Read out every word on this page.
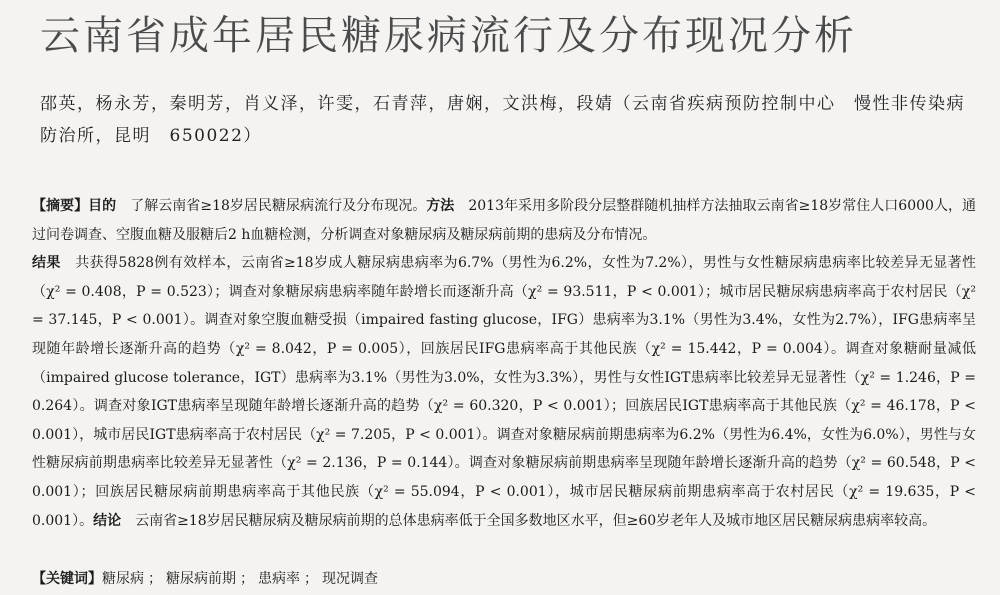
云南省成年居民糖尿病流行及分布现况分析
邵英，杨永芳，秦明芳，肖义泽，许雯，石青萍，唐娴，文洪梅，段婧（云南省疾病预防控制中心　慢性非传染病防治所，昆明　650022）
【摘要】目的　了解云南省≥18岁居民糖尿病流行及分布现况。方法　2013年采用多阶段分层整群随机抽样方法抽取云南省≥18岁常住人口6000人，通过问卷调查、空腹血糖及服糖后2 h血糖检测，分析调查对象糖尿病及糖尿病前期的患病及分布情况。
结果　共获得5828例有效样本，云南省≥18岁成人糖尿病患病率为6.7%（男性为6.2%，女性为7.2%），男性与女性糖尿病患病率比较差异无显著性（χ² = 0.408，P = 0.523）；调查对象糖尿病患病率随年龄增长而逐渐升高（χ² = 93.511，P < 0.001）；城市居民糖尿病患病率高于农村居民（χ² = 37.145，P < 0.001）。调查对象空腹血糖受损（impaired fasting glucose，IFG）患病率为3.1%（男性为3.4%，女性为2.7%），IFG患病率呈现随年龄增长逐渐升高的趋势（χ² = 8.042，P = 0.005），回族居民IFG患病率高于其他民族（χ² = 15.442，P = 0.004）。调查对象糖耐量减低（impaired glucose tolerance，IGT）患病率为3.1%（男性为3.0%，女性为3.3%），男性与女性IGT患病率比较差异无显著性（χ² = 1.246，P = 0.264）。调查对象IGT患病率呈现随年龄增长逐渐升高的趋势（χ² = 60.320，P < 0.001）；回族居民IGT患病率高于其他民族（χ² = 46.178，P < 0.001），城市居民IGT患病率高于农村居民（χ² = 7.205，P < 0.001）。调查对象糖尿病前期患病率为6.2%（男性为6.4%，女性为6.0%），男性与女性糖尿病前期患病率比较差异无显著性（χ² = 2.136，P = 0.144）。调查对象糖尿病前期患病率呈现随年龄增长逐渐升高的趋势（χ² = 60.548，P < 0.001）；回族居民糖尿病前期患病率高于其他民族（χ² = 55.094，P < 0.001），城市居民糖尿病前期患病率高于农村居民（χ² = 19.635，P < 0.001）。结论　云南省≥18岁居民糖尿病及糖尿病前期的总体患病率低于全国多数地区水平，但≥60岁老年人及城市地区居民糖尿病患病率较高。
【关键词】糖尿病 ； 糖尿病前期 ； 患病率 ； 现况调查
